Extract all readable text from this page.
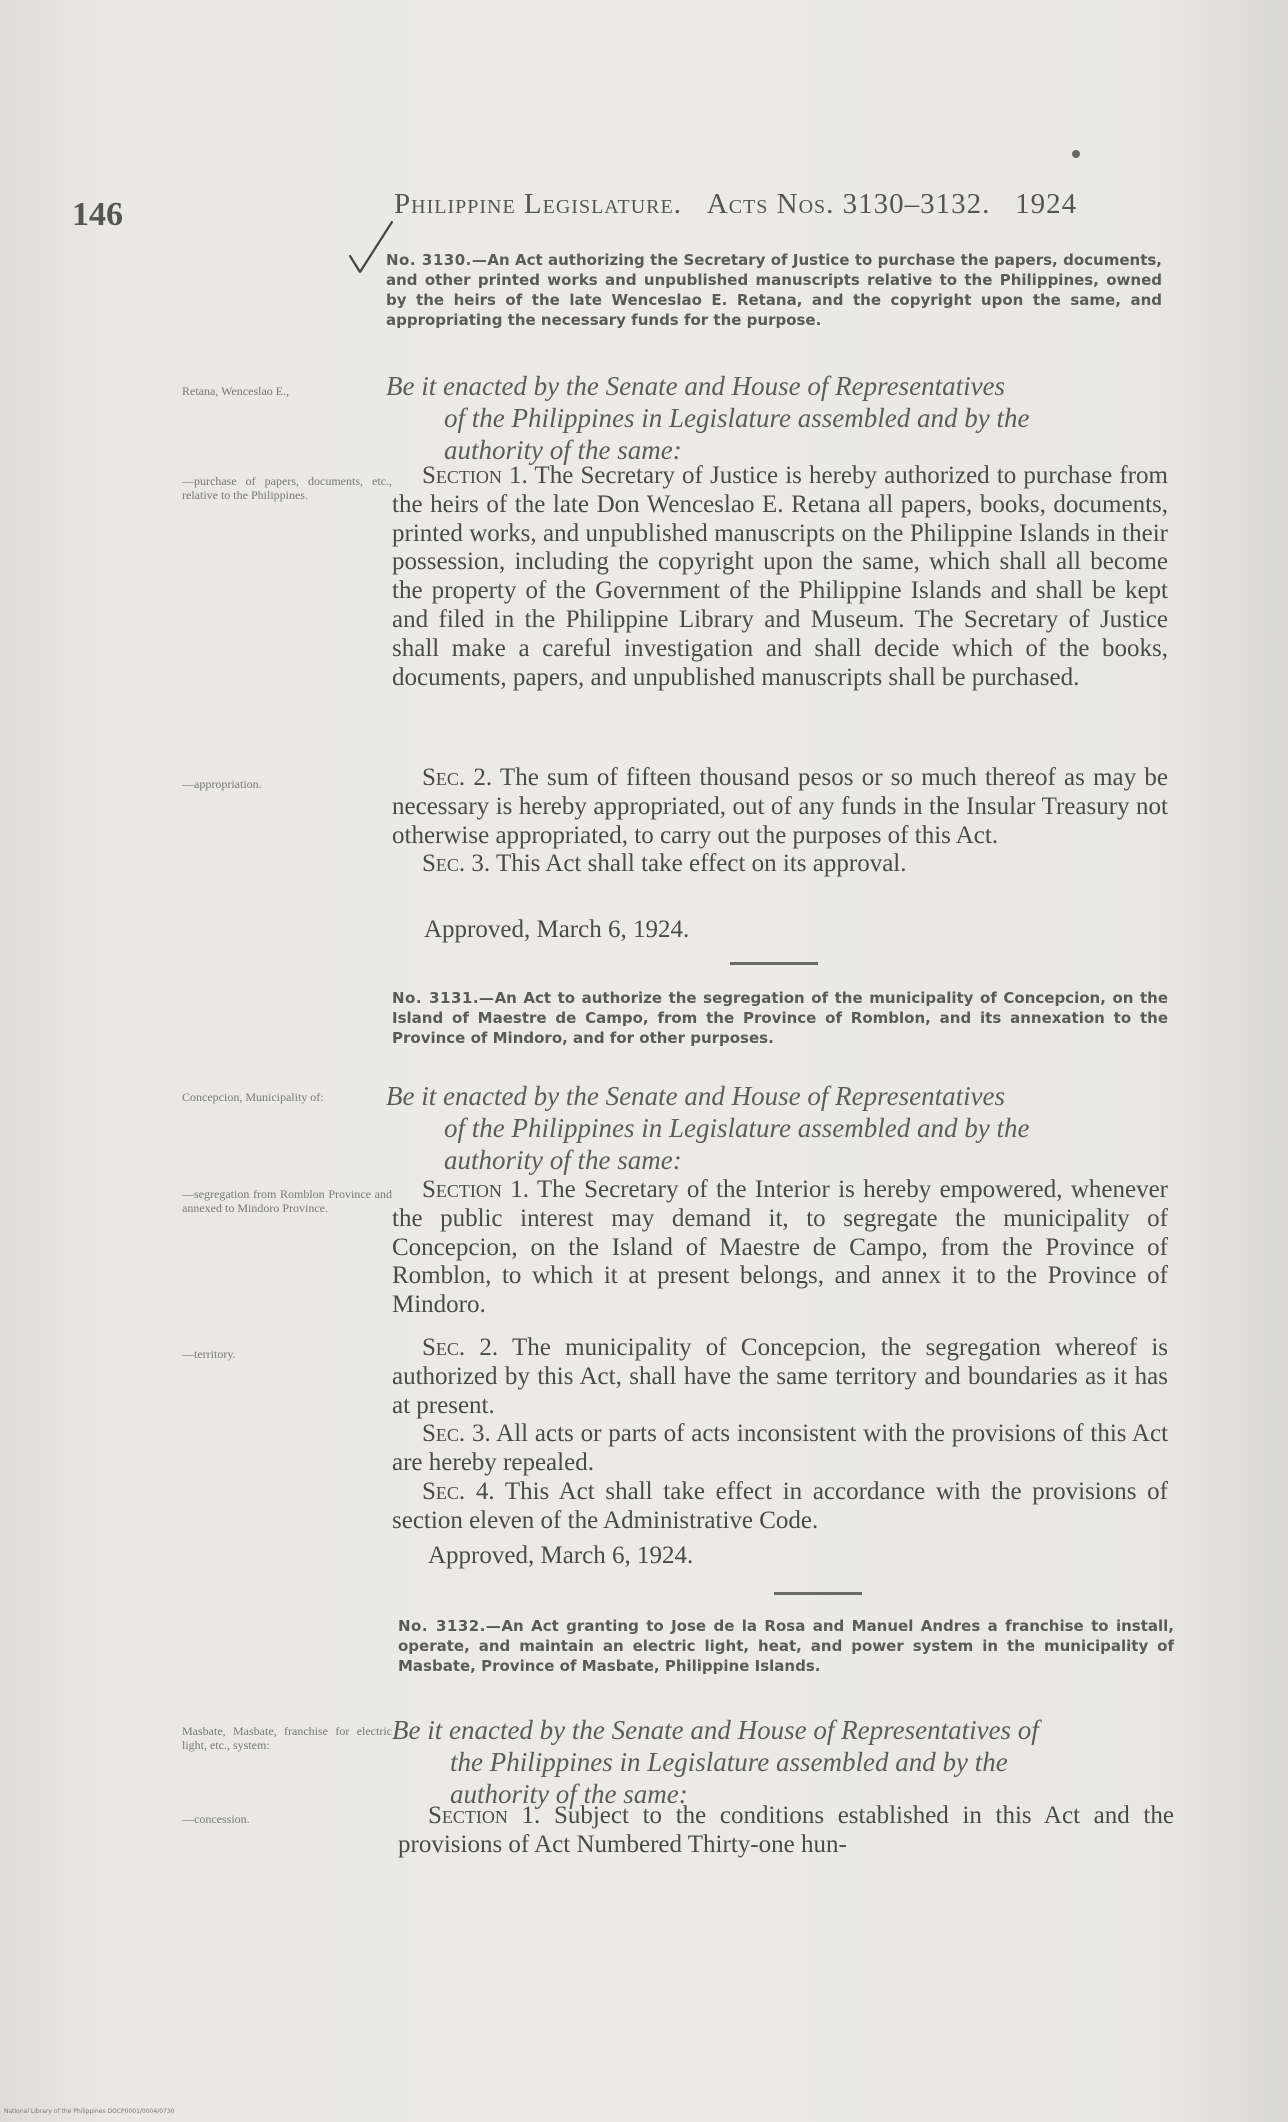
146	Philippine Legislature. Acts Nos. 3130–3132. 1924
No. 3130.—An Act authorizing the Secretary of Justice to purchase the papers, documents, and other printed works and unpublished manuscripts relative to the Philippines, owned by the heirs of the late Wenceslao E. Retana, and the copyright upon the same, and appropriating the necessary funds for the purpose.
Retana, Wenceslao E.,	Be it enacted by the Senate and House of Representatives
of the Philippines in Legislature assembled and by the
authority of the same:
—purchase of papers, documents, etc., relative to the Philippines.

Section 1. The Secretary of Justice is hereby authorized to purchase from the heirs of the late Don Wenceslao E. Retana all papers, books, documents, printed works, and unpublished manuscripts on the Philippine Islands in their possession, including the copyright upon the same, which shall all become the property of the Government of the Philippine Islands and shall be kept and filed in the Philippine Library and Museum. The Secretary of Justice shall make a careful investigation and shall decide which of the books, documents, papers, and unpublished manuscripts shall be purchased.

—appropriation.	Sec. 2. The sum of fifteen thousand pesos or so much thereof as may be necessary is hereby appropriated, out of any funds in the Insular Treasury not otherwise appropriated, to carry out the purposes of this Act.

Sec. 3. This Act shall take effect on its approval.

Approved, March 6, 1924.
No. 3131.—An Act to authorize the segregation of the municipality of Concepcion, on the Island of Maestre de Campo, from the Province of Romblon, and its annexation to the Province of Mindoro, and for other purposes.
Concepcion, Municipality of:	Be it enacted by the Senate and House of Representatives
of the Philippines in Legislature assembled and by the
authority of the same:
—segregation from Romblon Province and annexed to Mindoro Province.

Section 1. The Secretary of the Interior is hereby empowered, whenever the public interest may demand it, to segregate the municipality of Concepcion, on the Island of Maestre de Campo, from the Province of Romblon, to which it at present belongs, and annex it to the Province of Mindoro.

—territory.	Sec. 2. The municipality of Concepcion, the segregation whereof is authorized by this Act, shall have the same territory and boundaries as it has at present.

Sec. 3. All acts or parts of acts inconsistent with the provisions of this Act are hereby repealed.

Sec. 4. This Act shall take effect in accordance with the provisions of section eleven of the Administrative Code.

Approved, March 6, 1924.
No. 3132.—An Act granting to Jose de la Rosa and Manuel Andres a franchise to install, operate, and maintain an electric light, heat, and power system in the municipality of Masbate, Province of Masbate, Philippine Islands.
Masbate, Masbate, franchise for electric light, etc., system:	Be it enacted by the Senate and House of Representatives of
the Philippines in Legislature assembled and by the
authority of the same:
—concession.	Section 1. Subject to the conditions established in this Act and the provisions of Act Numbered Thirty-one hun-

National Library of the Philippines DOCP0001/0004/0730
